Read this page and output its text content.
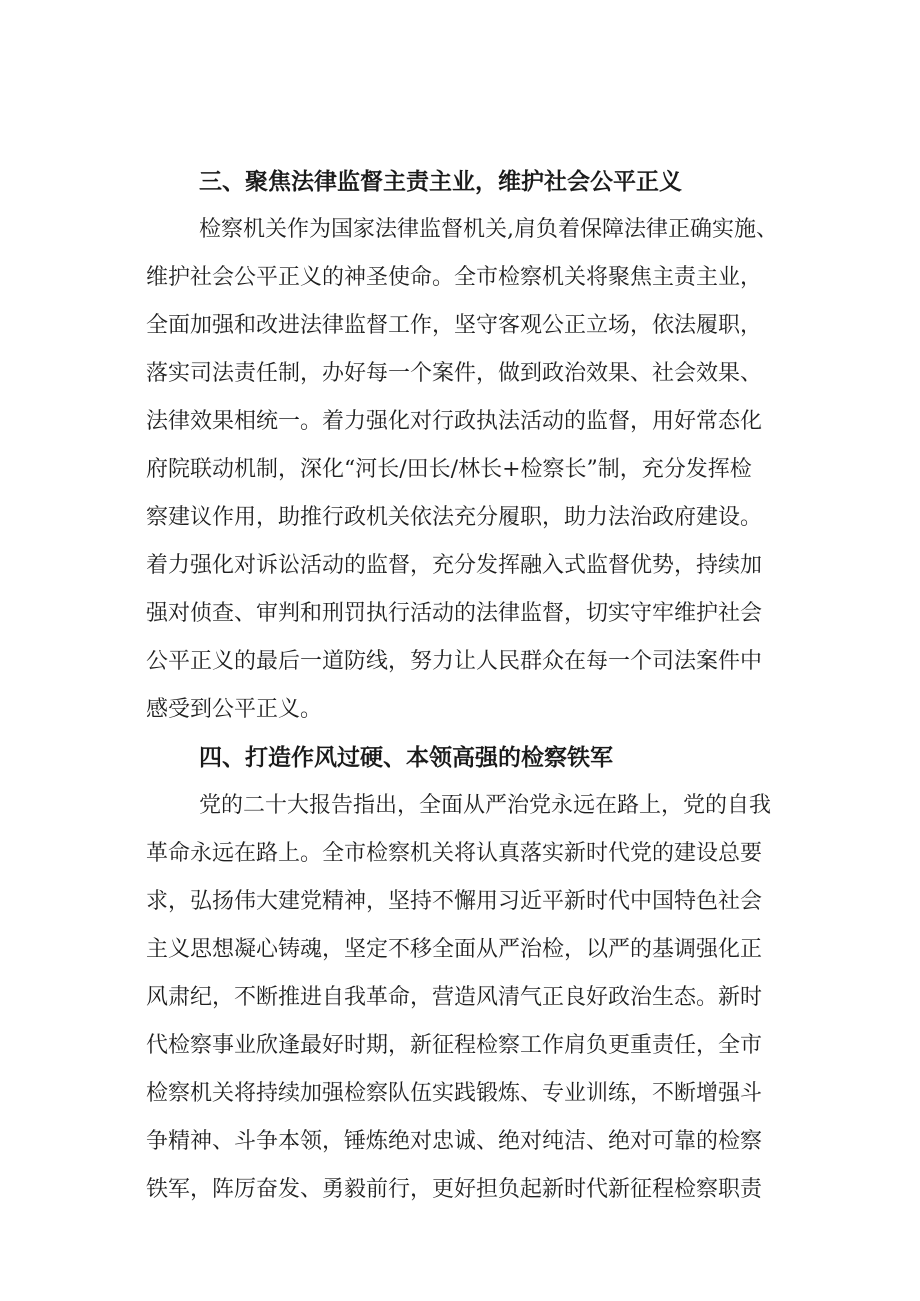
三、聚焦法律监督主责主业，维护社会公平正义
检察机关作为国家法律监督机关,肩负着保障法律正确实施、
维护社会公平正义的神圣使命。全市检察机关将聚焦主责主业，
全面加强和改进法律监督工作，坚守客观公正立场，依法履职，
落实司法责任制，办好每一个案件，做到政治效果、社会效果、
法律效果相统一。着力强化对行政执法活动的监督，用好常态化
府院联动机制，深化“河长/田长/林长+检察长”制，充分发挥检
察建议作用，助推行政机关依法充分履职，助力法治政府建设。
着力强化对诉讼活动的监督，充分发挥融入式监督优势，持续加
强对侦查、审判和刑罚执行活动的法律监督，切实守牢维护社会
公平正义的最后一道防线，努力让人民群众在每一个司法案件中
感受到公平正义。
四、打造作风过硬、本领高强的检察铁军
党的二十大报告指出，全面从严治党永远在路上，党的自我
革命永远在路上。全市检察机关将认真落实新时代党的建设总要
求，弘扬伟大建党精神，坚持不懈用习近平新时代中国特色社会
主义思想凝心铸魂，坚定不移全面从严治检，以严的基调强化正
风肃纪，不断推进自我革命，营造风清气正良好政治生态。新时
代检察事业欣逢最好时期，新征程检察工作肩负更重责任，全市
检察机关将持续加强检察队伍实践锻炼、专业训练，不断增强斗
争精神、斗争本领，锤炼绝对忠诚、绝对纯洁、绝对可靠的检察
铁军，阵厉奋发、勇毅前行，更好担负起新时代新征程检察职责
